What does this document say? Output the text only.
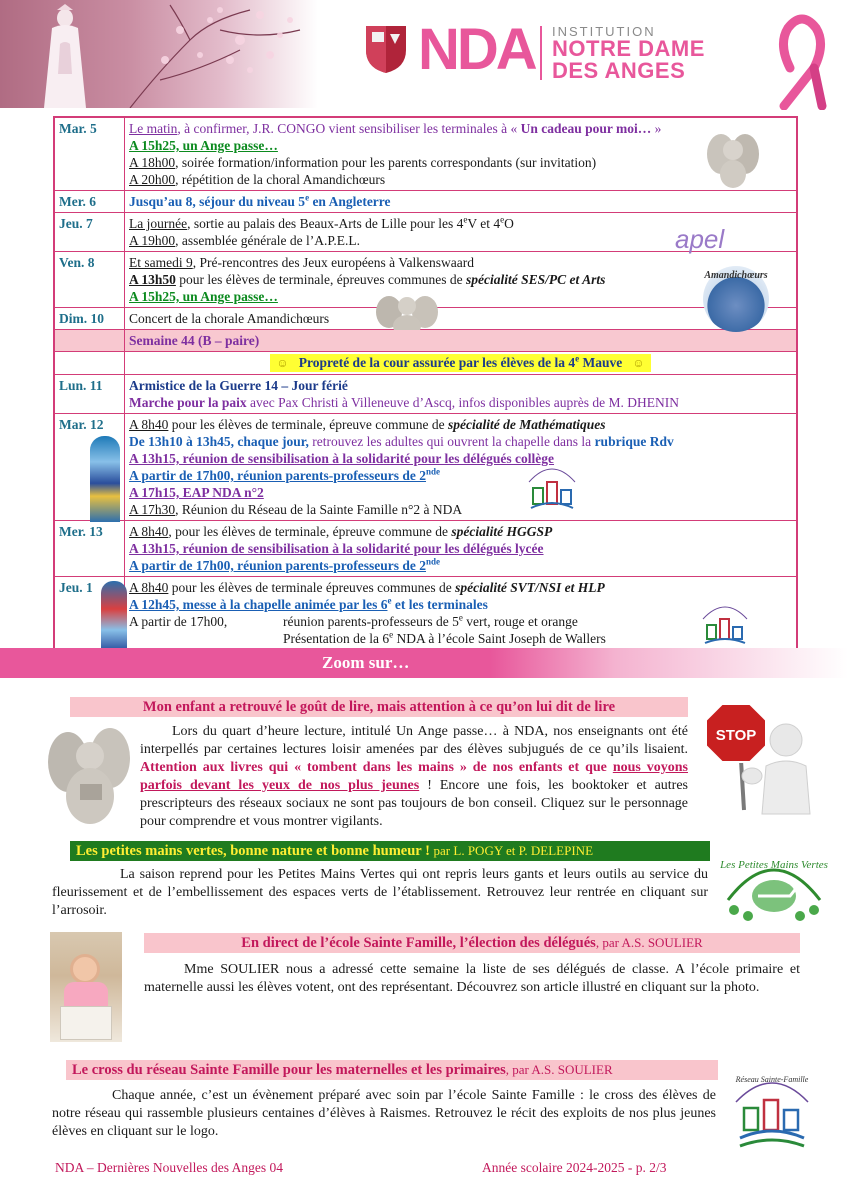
NDA INSTITUTION
NOTRE DAME
DES ANGES
Mar. 5	Le matin, à confirmer, J.R. CONGO vient sensibiliser les terminales à « Un cadeau pour moi… »
A 15h25, un Ange passe…
A 18h00, soirée formation/information pour les parents correspondants (sur invitation)
A 20h00, répétition de la choral Amandichœurs
Mer. 6	Jusqu’au 8, séjour du niveau 5e en Angleterre
Jeu. 7	La journée, sortie au palais des Beaux-Arts de Lille pour les 4eV et 4eO
A 19h00, assemblée générale de l’A.P.E.L.
Ven. 8	Et samedi 9, Pré-rencontres des Jeux européens à Valkenswaard
A 13h50 pour les élèves de terminale, épreuves communes de spécialité SES/PC et Arts
A 15h25, un Ange passe…
Dim. 10	Concert de la chorale Amandichœurs
Semaine 44 (B – paire)
☺ Propreté de la cour assurée par les élèves de la 4e Mauve ☺
Lun. 11	Armistice de la Guerre 14 – Jour férié
Marche pour la paix avec Pax Christi à Villeneuve d’Ascq, infos disponibles auprès de M. DHENIN
Mar. 12	A 8h40 pour les élèves de terminale, épreuve commune de spécialité de Mathématiques
De 13h10 à 13h45, chaque jour, retrouvez les adultes qui ouvrent la chapelle dans la rubrique Rdv
A 13h15, réunion de sensibilisation à la solidarité pour les délégués collège
A partir de 17h00, réunion parents-professeurs de 2nde
A 17h15, EAP NDA n°2
A 17h30, Réunion du Réseau de la Sainte Famille n°2 à NDA
Mer. 13	A 8h40, pour les élèves de terminale, épreuve commune de spécialité HGGSP
A 13h15, réunion de sensibilisation à la solidarité pour les délégués lycée
A partir de 17h00, réunion parents-professeurs de 2nde
Jeu. 1	A 8h40 pour les élèves de terminale épreuves communes de spécialité SVT/NSI et HLP
A 12h45, messe à la chapelle animée par les 6e et les terminales
A partir de 17h00,	réunion parents-professeurs de 5e vert, rouge et orange
Présentation de la 6e NDA à l’école Saint Joseph de Wallers
apel
Amandichœurs
Zoom sur…
Mon enfant a retrouvé le goût de lire, mais attention à ce qu’on lui dit de lire
Lors du quart d’heure lecture, intitulé Un Ange passe… à NDA, nos enseignants ont été interpellés par certaines lectures loisir amenées par des élèves subjugués de ce qu’ils lisaient. Attention aux livres qui « tombent dans les mains » de nos enfants et que nous voyons parfois devant les yeux de nos plus jeunes ! Encore une fois, les booktoker et autres prescripteurs des réseaux sociaux ne sont pas toujours de bon conseil. Cliquez sur le personnage pour comprendre et vous montrer vigilants.
STOP
Les petites mains vertes, bonne nature et bonne humeur ! par L. POGY et P. DELEPINE
La saison reprend pour les Petites Mains Vertes qui ont repris leurs gants et leurs outils au service du fleurissement et de l’embellissement des espaces verts de l’établissement. Retrouvez leur rentrée en cliquant sur l’arrosoir.
Les Petites Mains Vertes
En direct de l’école Sainte Famille, l’élection des délégués, par A.S. SOULIER
Mme SOULIER nous a adressé cette semaine la liste de ses délégués de classe. A l’école primaire et maternelle aussi les élèves votent, ont des représentant. Découvrez son article illustré en cliquant sur la photo.
Le cross du réseau Sainte Famille pour les maternelles et les primaires, par A.S. SOULIER
Chaque année, c’est un évènement préparé avec soin par l’école Sainte Famille : le cross des élèves de notre réseau qui rassemble plusieurs centaines d’élèves à Raismes. Retrouvez le récit des exploits de nos plus jeunes élèves en cliquant sur le logo.
Réseau Sainte-Famille
NDA – Dernières Nouvelles des Anges 04	Année scolaire 2024-2025 - p. 2/3
